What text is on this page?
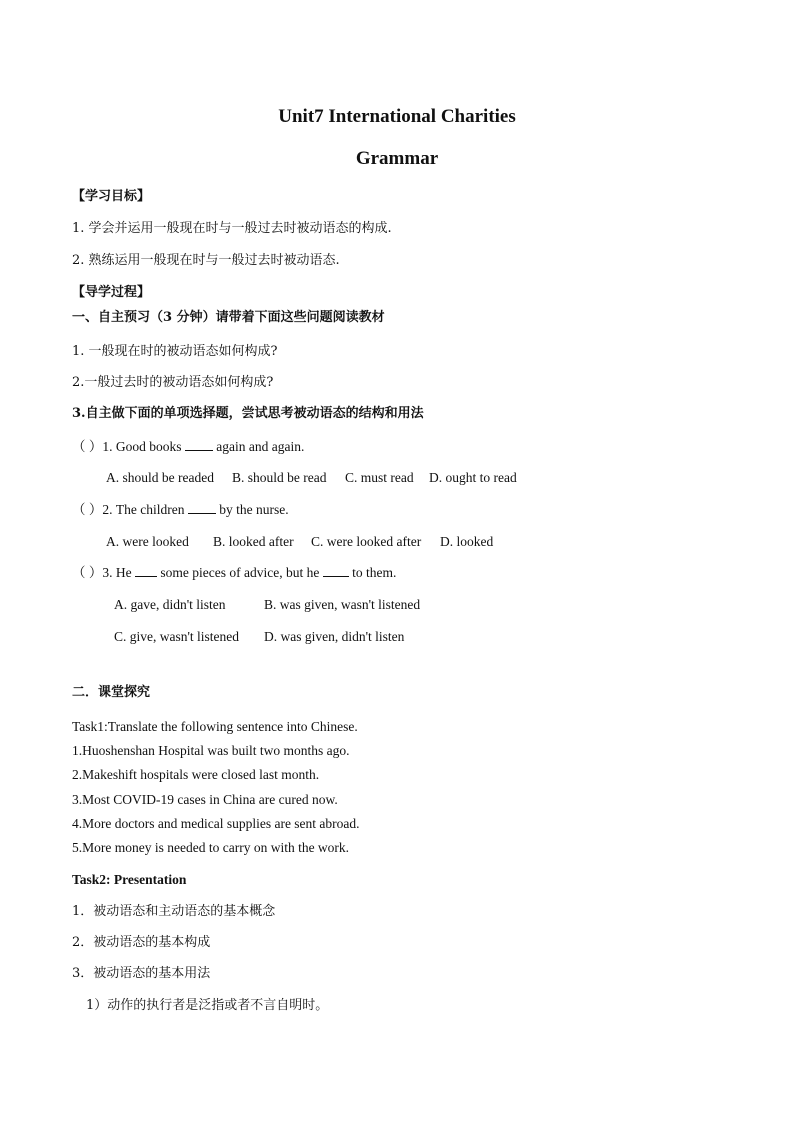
Unit7 International Charities
Grammar

【学习目标】

1. 学会并运用一般现在时与一般过去时被动语态的构成.

2. 熟练运用一般现在时与一般过去时被动语态.

【导学过程】

一、自主预习（3 分钟）请带着下面这些问题阅读教材

1. 一般现在时的被动语态如何构成?

2.一般过去时的被动语态如何构成?

3.自主做下面的单项选择题，尝试思考被动语态的结构和用法

（ ）1. Good books  again and again.

A. should be readed B. should be read C. must read D. ought to read

（ ）2. The children  by the nurse.

A. were looked B. looked after C. were looked after D. looked

（ ）3. He  some pieces of advice, but he  to them.

A. gave, didn't listen	B. was given, wasn't listened

C. give, wasn't listened D. was given, didn't listen

二．课堂探究

Task1:Translate the following sentence into Chinese.

1.Huoshenshan Hospital was built two months ago.

2.Makeshift hospitals were closed last month.

3.Most COVID-19 cases in China are cured now.

4.More doctors and medical supplies are sent abroad.

5.More money is needed to carry on with the work.

Task2: Presentation

1．被动语态和主动语态的基本概念

2．被动语态的基本构成

3．被动语态的基本用法

1）动作的执行者是泛指或者不言自明时。
